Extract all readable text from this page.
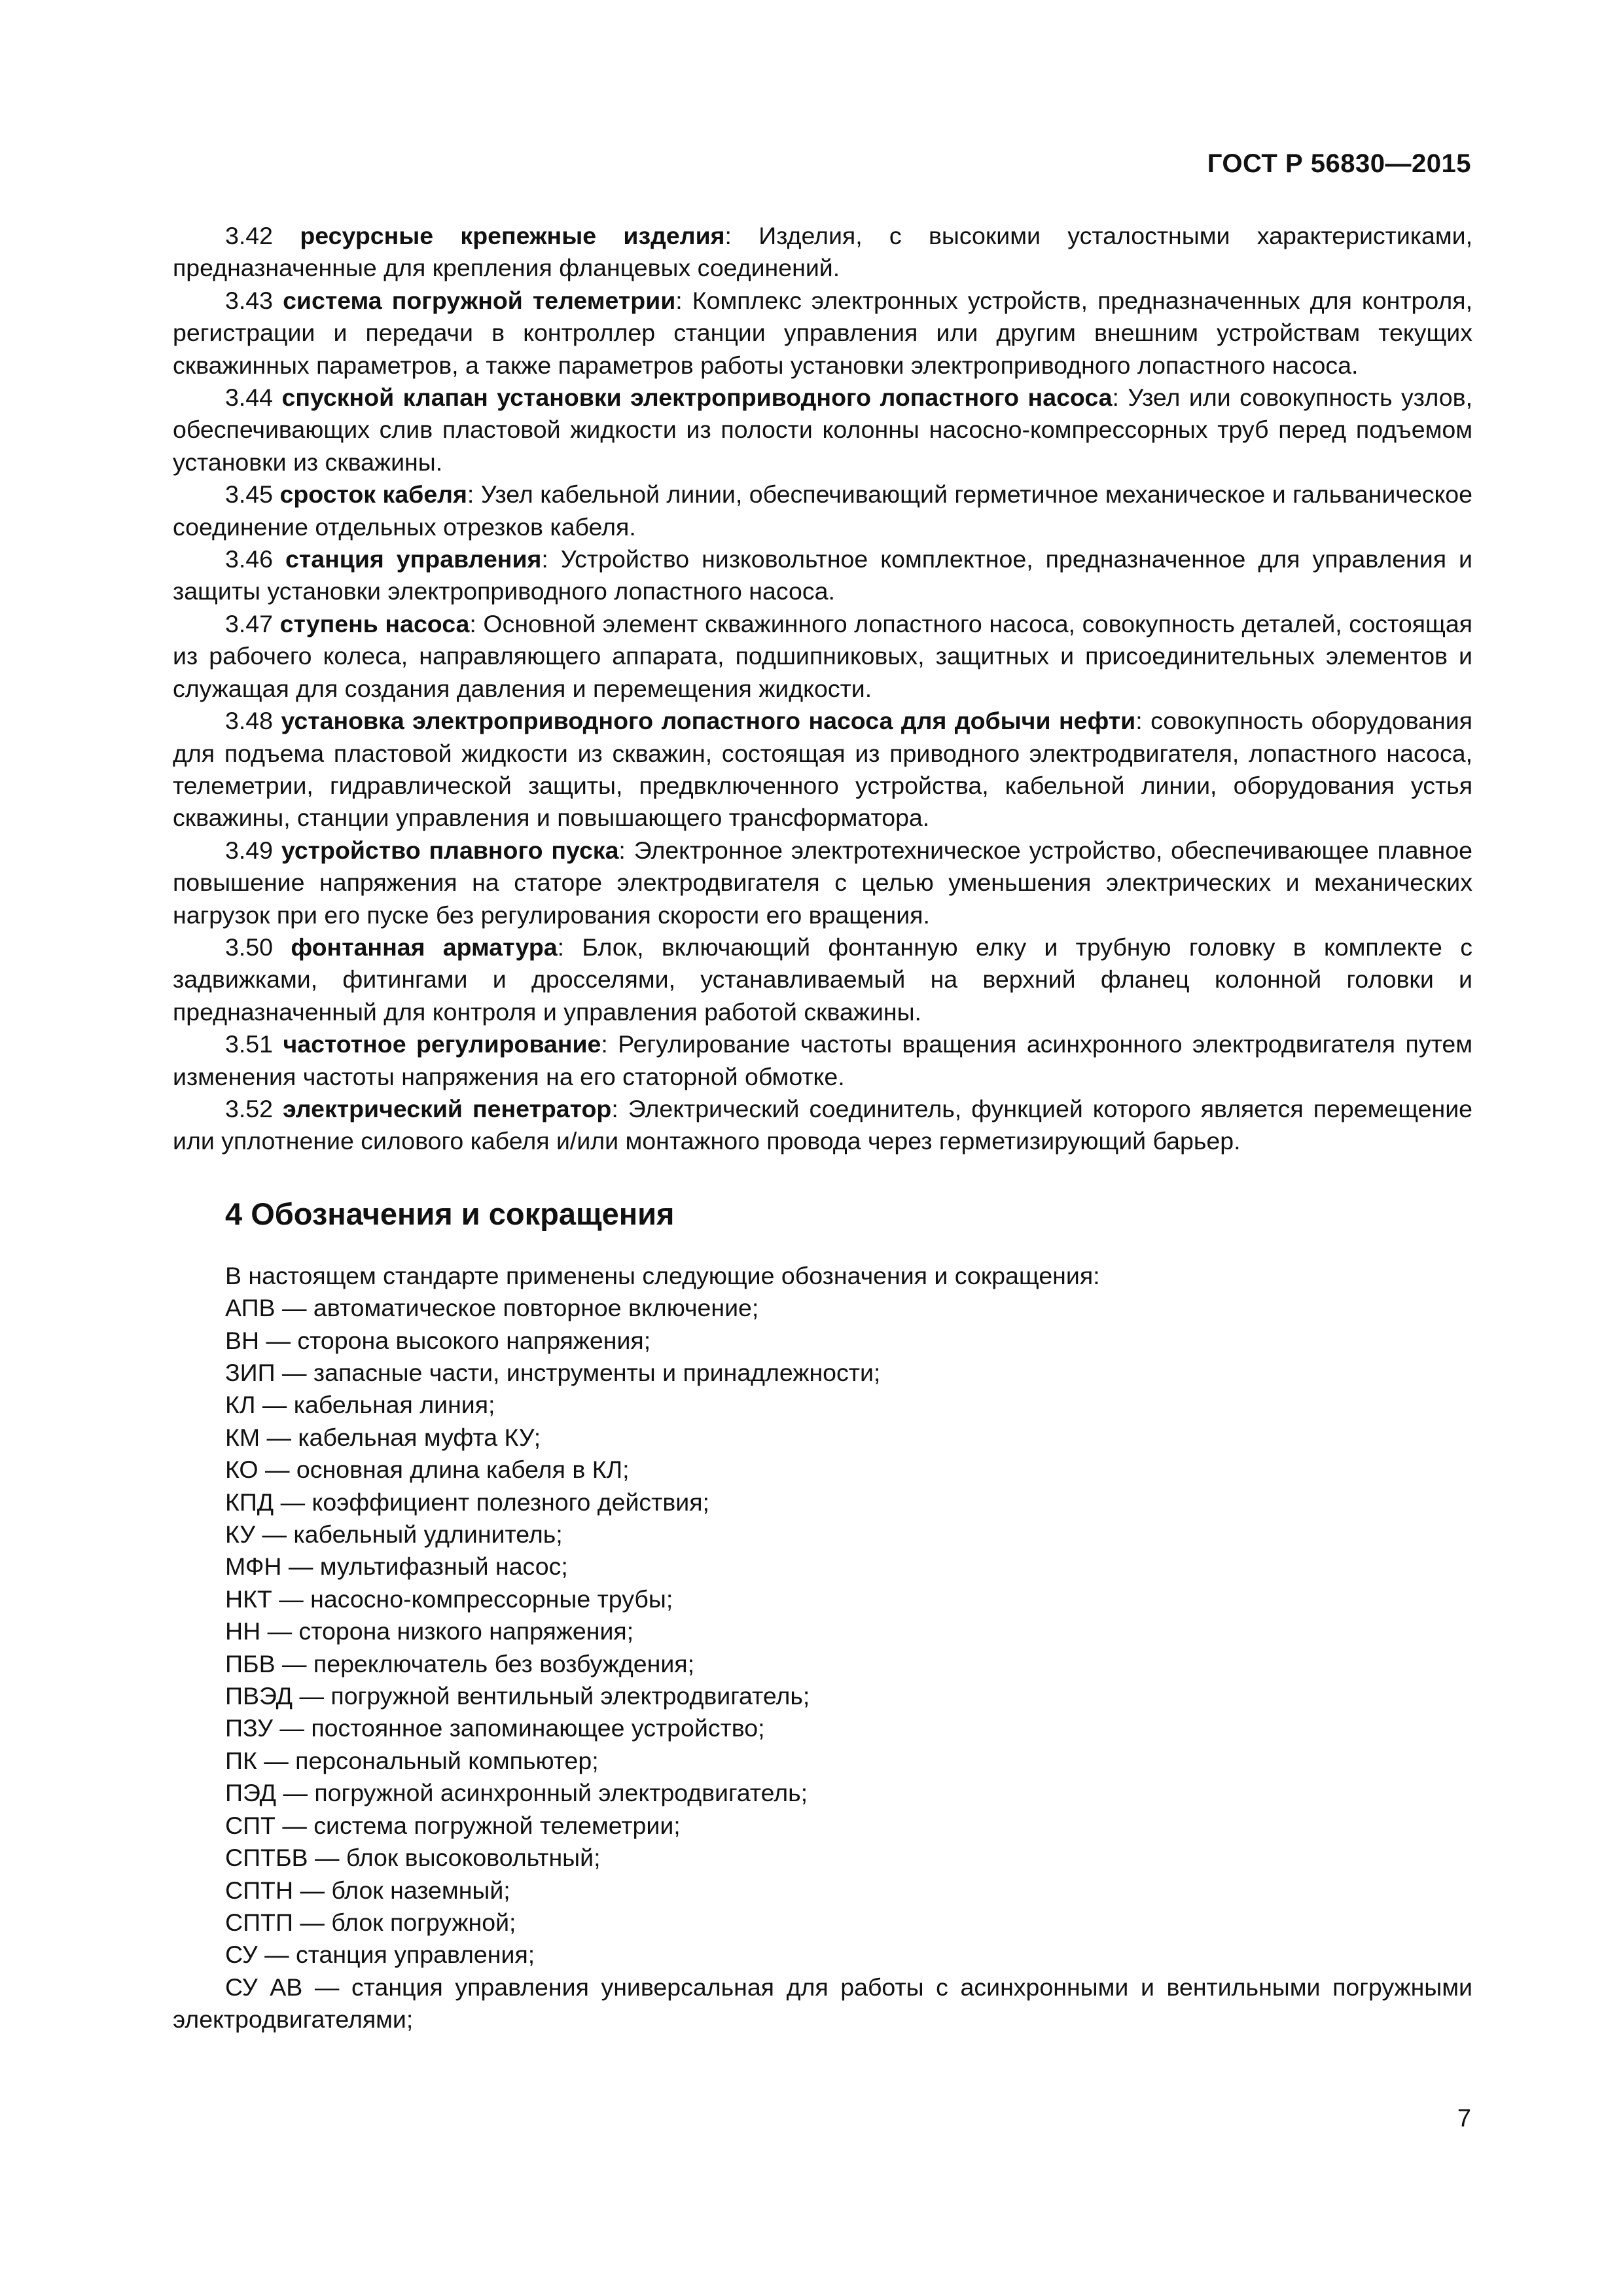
ГОСТ Р 56830—2015

3.42 ресурсные крепежные изделия: Изделия, с высокими усталостными характеристиками, предназначенные для крепления фланцевых соединений.

3.43 система погружной телеметрии: Комплекс электронных устройств, предназначенных для контроля, регистрации и передачи в контроллер станции управления или другим внешним устройствам текущих скважинных параметров, а также параметров работы установки электроприводного лопастного насоса.

3.44 спускной клапан установки электроприводного лопастного насоса: Узел или совокупность узлов, обеспечивающих слив пластовой жидкости из полости колонны насосно-компрессорных труб перед подъемом установки из скважины.

3.45 сросток кабеля: Узел кабельной линии, обеспечивающий герметичное механическое и гальваническое соединение отдельных отрезков кабеля.

3.46 станция управления: Устройство низковольтное комплектное, предназначенное для управления и защиты установки электроприводного лопастного насоса.

3.47 ступень насоса: Основной элемент скважинного лопастного насоса, совокупность деталей, состоящая из рабочего колеса, направляющего аппарата, подшипниковых, защитных и присоединительных элементов и служащая для создания давления и перемещения жидкости.

3.48 установка электроприводного лопастного насоса для добычи нефти: совокупность оборудования для подъема пластовой жидкости из скважин, состоящая из приводного электродвигателя, лопастного насоса, телеметрии, гидравлической защиты, предвключенного устройства, кабельной линии, оборудования устья скважины, станции управления и повышающего трансформатора.

3.49 устройство плавного пуска: Электронное электротехническое устройство, обеспечивающее плавное повышение напряжения на статоре электродвигателя с целью уменьшения электрических и механических нагрузок при его пуске без регулирования скорости его вращения.

3.50 фонтанная арматура: Блок, включающий фонтанную елку и трубную головку в комплекте с задвижками, фитингами и дросселями, устанавливаемый на верхний фланец колонной головки и предназначенный для контроля и управления работой скважины.

3.51 частотное регулирование: Регулирование частоты вращения асинхронного электродвигателя путем изменения частоты напряжения на его статорной обмотке.

3.52 электрический пенетратор: Электрический соединитель, функцией которого является перемещение или уплотнение силового кабеля и/или монтажного провода через герметизирующий барьер.

4 Обозначения и сокращения

В настоящем стандарте применены следующие обозначения и сокращения:

АПВ — автоматическое повторное включение;

ВН — сторона высокого напряжения;

ЗИП — запасные части, инструменты и принадлежности;

КЛ — кабельная линия;

КМ — кабельная муфта КУ;

КО — основная длина кабеля в КЛ;

КПД — коэффициент полезного действия;

КУ — кабельный удлинитель;

МФН — мультифазный насос;

НКТ — насосно-компрессорные трубы;

НН — сторона низкого напряжения;

ПБВ — переключатель без возбуждения;

ПВЭД — погружной вентильный электродвигатель;

ПЗУ — постоянное запоминающее устройство;

ПК — персональный компьютер;

ПЭД — погружной асинхронный электродвигатель;

СПТ — система погружной телеметрии;

СПТБВ — блок высоковольтный;

СПТН — блок наземный;

СПТП — блок погружной;

СУ — станция управления;

СУ АВ — станция управления универсальная для работы с асинхронными и вентильными погружными электродвигателями;

7
